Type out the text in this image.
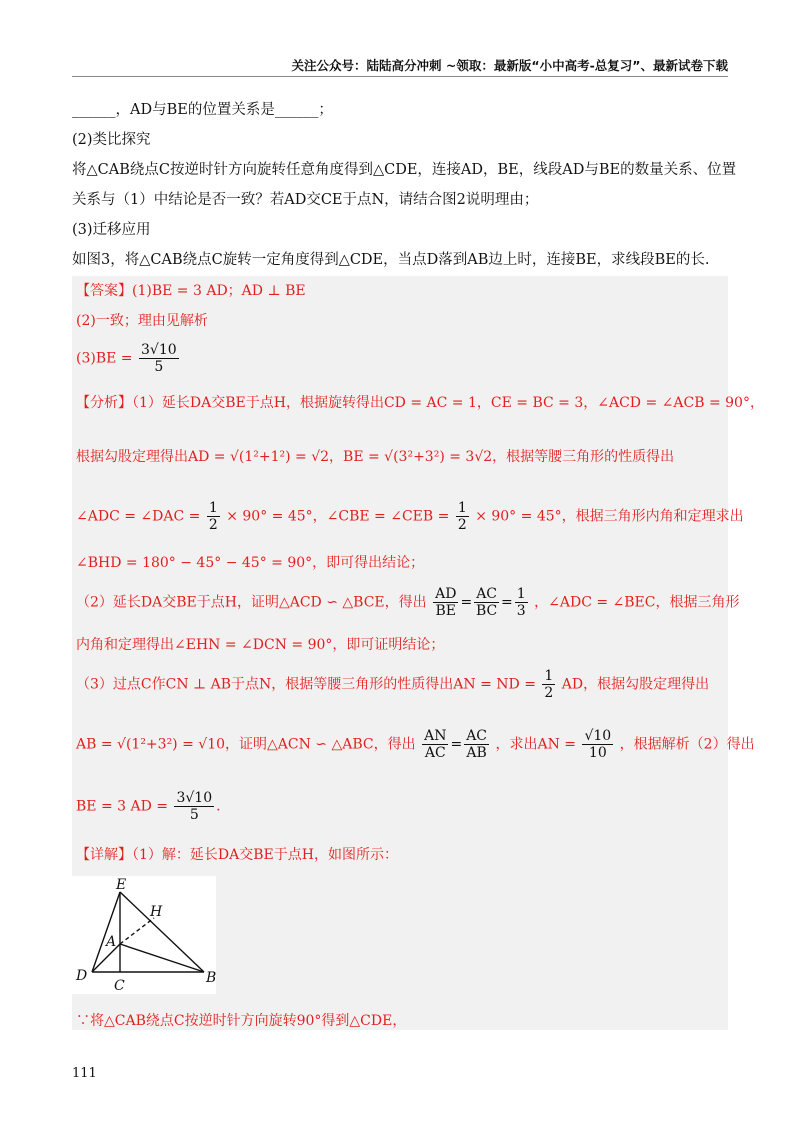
关注公众号：陆陆高分冲刺 ~领取：最新版“小中高考-总复习”、最新试卷下载
______，AD与BE的位置关系是______；
(2)类比探究
将△CAB绕点C按逆时针方向旋转任意角度得到△CDE，连接AD，BE，线段AD与BE的数量关系、位置
关系与（1）中结论是否一致？若AD交CE于点N，请结合图2说明理由；
(3)迁移应用
如图3，将△CAB绕点C旋转一定角度得到△CDE，当点D落到AB边上时，连接BE，求线段BE的长.
【答案】(1)BE = 3 AD；AD ⊥ BE
(2)一致；理由见解析
$(3)BE = \frac{3√10}{5}$
【分析】（1）延长DA交BE于点H，根据旋转得出CD = AC = 1，CE = BC = 3，∠ACD = ∠ACB = 90°，
根据勾股定理得出AD = √(1²+1²) = √2，BE = √(3²+3²) = 3√2，根据等腰三角形的性质得出
∠ADC = ∠DAC = $\frac{1}{2} \times 90^\circ = 45^\circ$，∠CBE = ∠CEB = $\frac{1}{2} \times 90^\circ = 45^\circ$，根据三角形内角和定理求出
∠BHD = 180° − 45° − 45° = 90°，即可得出结论；
（2）延长DA交BE于点H，证明△ACD ∽ △BCE，得出 $\frac{AD}{BE} = \frac{AC}{BC} = \frac{1}{3}$ ，∠ADC = ∠BEC，根据三角形
内角和定理得出∠EHN = ∠DCN = 90°，即可证明结论；
（3）过点C作CN ⊥ AB于点N，根据等腰三角形的性质得出AN = ND = $\frac{1}{2}$ AD，根据勾股定理得出
AB = √(1²+3²) = √10，证明△ACN ∽ △ABC，得出 $\frac{AN}{AC} = \frac{AC}{AB}$ ，求出AN = $\frac{√10}{10}$ ，根据解析（2）得出
BE = 3 AD = $\frac{3√10}{5}$ .
【详解】（1）解：延长DA交BE于点H，如图所示：
E
H
A
D
C	B
∵将△CAB绕点C按逆时针方向旋转90°得到△CDE，
111
